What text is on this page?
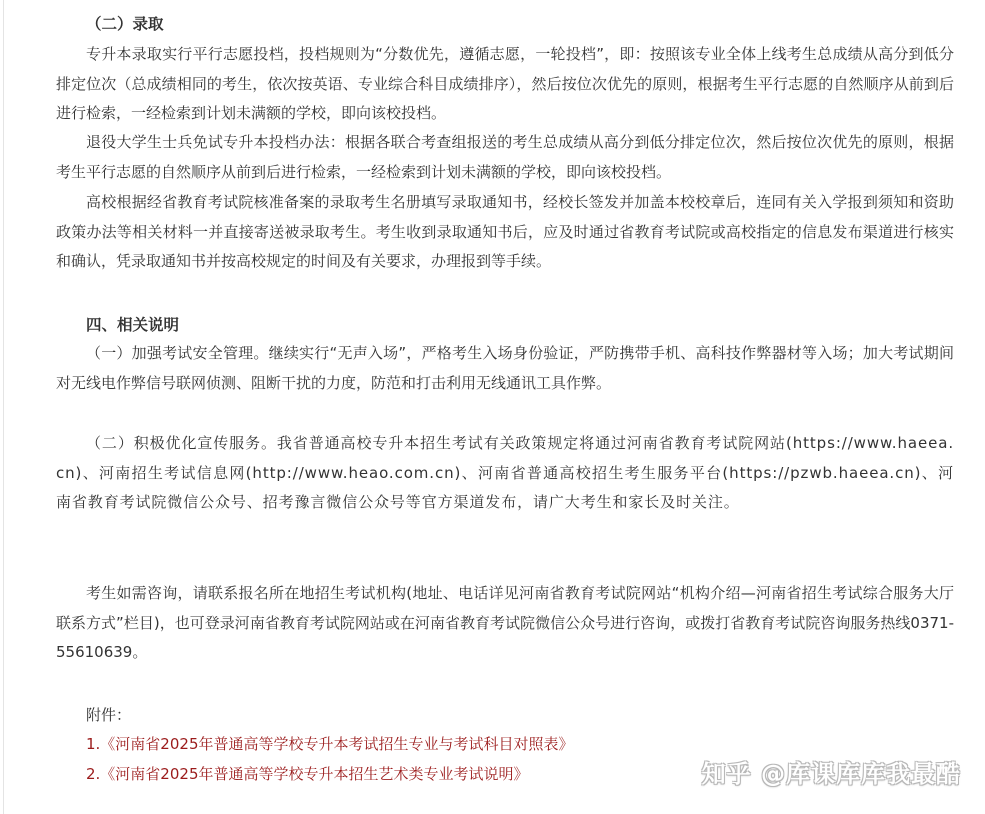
（二）录取

专升本录取实行平行志愿投档，投档规则为“分数优先，遵循志愿，一轮投档”，即：按照该专业全体上线考生总成绩从高分到低分排定位次（总成绩相同的考生，依次按英语、专业综合科目成绩排序），然后按位次优先的原则，根据考生平行志愿的自然顺序从前到后进行检索，一经检索到计划未满额的学校，即向该校投档。

退役大学生士兵免试专升本投档办法：根据各联合考查组报送的考生总成绩从高分到低分排定位次，然后按位次优先的原则，根据考生平行志愿的自然顺序从前到后进行检索，一经检索到计划未满额的学校，即向该校投档。

高校根据经省教育考试院核准备案的录取考生名册填写录取通知书，经校长签发并加盖本校校章后，连同有关入学报到须知和资助政策办法等相关材料一并直接寄送被录取考生。考生收到录取通知书后，应及时通过省教育考试院或高校指定的信息发布渠道进行核实和确认，凭录取通知书并按高校规定的时间及有关要求，办理报到等手续。

四、相关说明

（一）加强考试安全管理。继续实行“无声入场”，严格考生入场身份验证，严防携带手机、高科技作弊器材等入场；加大考试期间对无线电作弊信号联网侦测、阻断干扰的力度，防范和打击利用无线通讯工具作弊。

（二）积极优化宣传服务。我省普通高校专升本招生考试有关政策规定将通过河南省教育考试院网站(https://www.haeea.cn)、河南招生考试信息网(http://www.heao.com.cn)、河南省普通高校招生考生服务平台(https://pzwb.haeea.cn)、河南省教育考试院微信公众号、招考豫言微信公众号等官方渠道发布，请广大考生和家长及时关注。

考生如需咨询，请联系报名所在地招生考试机构(地址、电话详见河南省教育考试院网站“机构介绍—河南省招生考试综合服务大厅联系方式”栏目)，也可登录河南省教育考试院网站或在河南省教育考试院微信公众号进行咨询，或拨打省教育考试院咨询服务热线0371-55610639。

附件：
1.《河南省2025年普通高等学校专升本考试招生专业与考试科目对照表》
2.《河南省2025年普通高等学校专升本招生艺术类专业考试说明》	知乎 @库课库库我最酷
